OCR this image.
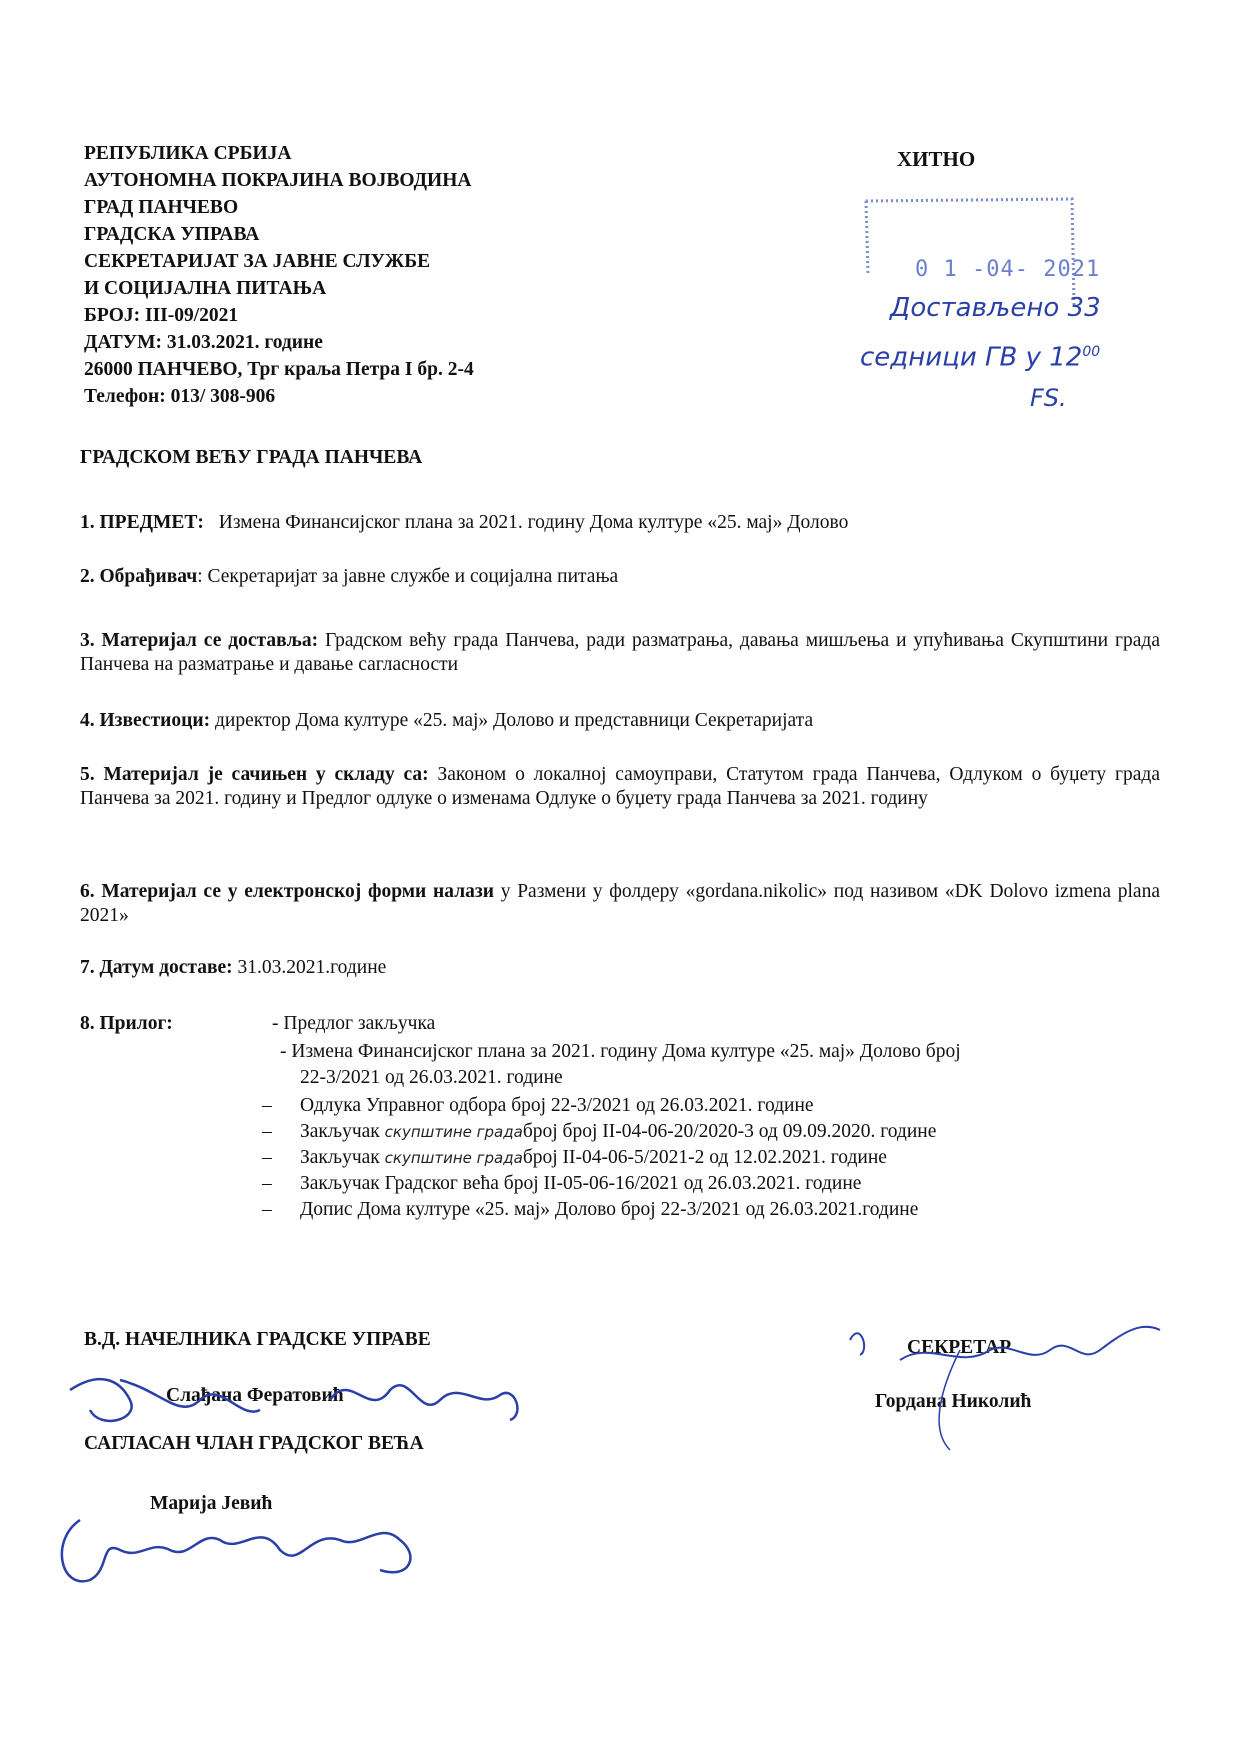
РЕПУБЛИКА СРБИЈА
АУТОНОМНА ПОКРАЈИНА ВОЈВОДИНА
ГРАД ПАНЧЕВО
ГРАДСКА УПРАВА
СЕКРЕТАРИЈАТ ЗА ЈАВНЕ СЛУЖБЕ
И СОЦИЈАЛНА ПИТАЊА
БРОЈ: III-09/2021
ДАТУМ: 31.03.2021. године
26000 ПАНЧЕВО, Трг краља Петра I бр. 2-4
Телефон: 013/ 308-906
ХИТНО
0 1 -04- 2021
Достављено 33
седници ГВ у $12^{00}$
FS.
ГРАДСКОМ ВЕЋУ ГРАДА ПАНЧЕВА
1. ПРЕДМЕТ: Измена Финансијског плана за 2021. годину Дома културе «25. мај» Долово
2. Обрађивач: Секретаријат за јавне службе и социјална питања
3. Материјал се доставља: Градском већу града Панчева, ради разматрања, давања мишљења и упућивања Скупштини града Панчева на разматрање и давање сагласности
4. Известиоци: директор Дома културе «25. мај» Долово и представници Секретаријата
5. Материјал је сачињен у складу са: Законом о локалној самоуправи, Статутом града Панчева, Одлуком о буџету града Панчева за 2021. годину и Предлог одлуке о изменама Одлуке о буџету града Панчева за 2021. годину
6. Материјал се у електронској форми налази у Размени у фолдеру «gordana.nikolic» под називом «DK Dolovo izmena plana 2021»
7. Датум доставе: 31.03.2021.године
8. Прилог:	- Предлог закључка
- Измена Финансијског плана за 2021. годину Дома културе «25. мај» Долово број
22-3/2021 од 26.03.2021. године
– Одлука Управног одбора број 22-3/2021 од 26.03.2021. године
– Закључак скупштине градаброј број II-04-06-20/2020-3 од 09.09.2020. године
– Закључак скупштине градаброј II-04-06-5/2021-2 од 12.02.2021. године
– Закључак Градског већа број II-05-06-16/2021 од 26.03.2021. године
– Допис Дома културе «25. мај» Долово број 22-3/2021 од 26.03.2021.године
В.Д. НАЧЕЛНИКА ГРАДСКЕ УПРАВЕ
Слађана Фератовић
САГЛАСАН ЧЛАН ГРАДСКОГ ВЕЋА
Марија Јевић
СЕКРЕТАР
Гордана Николић
